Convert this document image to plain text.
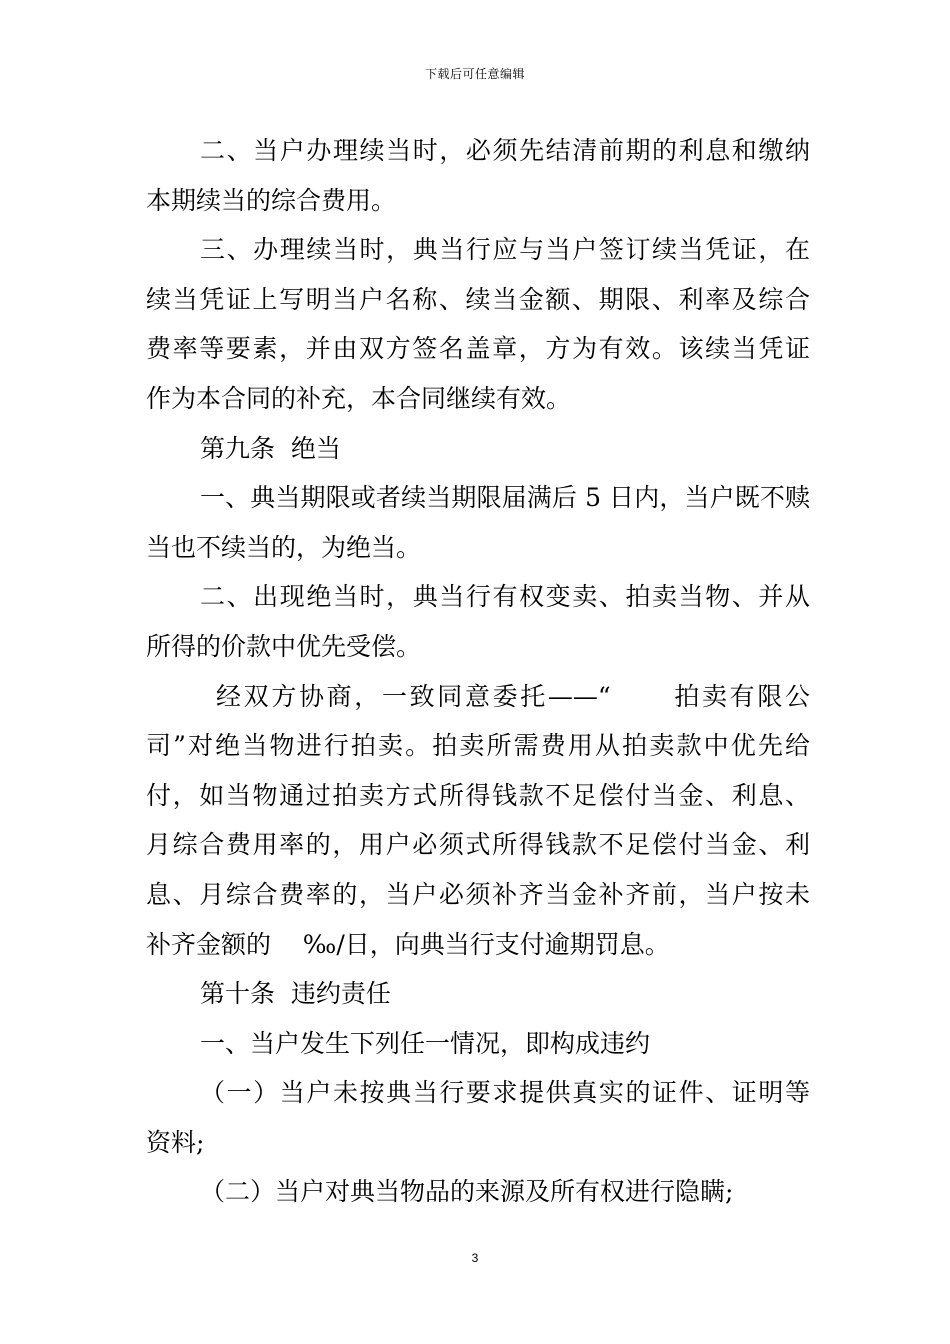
下载后可任意编辑
二、当户办理续当时，必须先结清前期的利息和缴纳
本期续当的综合费用。
三、办理续当时，典当行应与当户签订续当凭证，在
续当凭证上写明当户名称、续当金额、期限、利率及综合
费率等要素，并由双方签名盖章，方为有效。该续当凭证
作为本合同的补充，本合同继续有效。
第九条  绝当
一、典当期限或者续当期限届满后 5 日内，当户既不赎
当也不续当的，为绝当。
二、出现绝当时，典当行有权变卖、拍卖当物、并从
所得的价款中优先受偿。
经双方协商，一致同意委托——“      拍卖有限公
司”对绝当物进行拍卖。拍卖所需费用从拍卖款中优先给
付，如当物通过拍卖方式所得钱款不足偿付当金、利息、
月综合费用率的，用户必须式所得钱款不足偿付当金、利
息、月综合费率的，当户必须补齐当金补齐前，当户按未
补齐金额的    ‰/日，向典当行支付逾期罚息。
第十条  违约责任
一、当户发生下列任一情况，即构成违约
（一）当户未按典当行要求提供真实的证件、证明等
资料;
（二）当户对典当物品的来源及所有权进行隐瞒;
3
